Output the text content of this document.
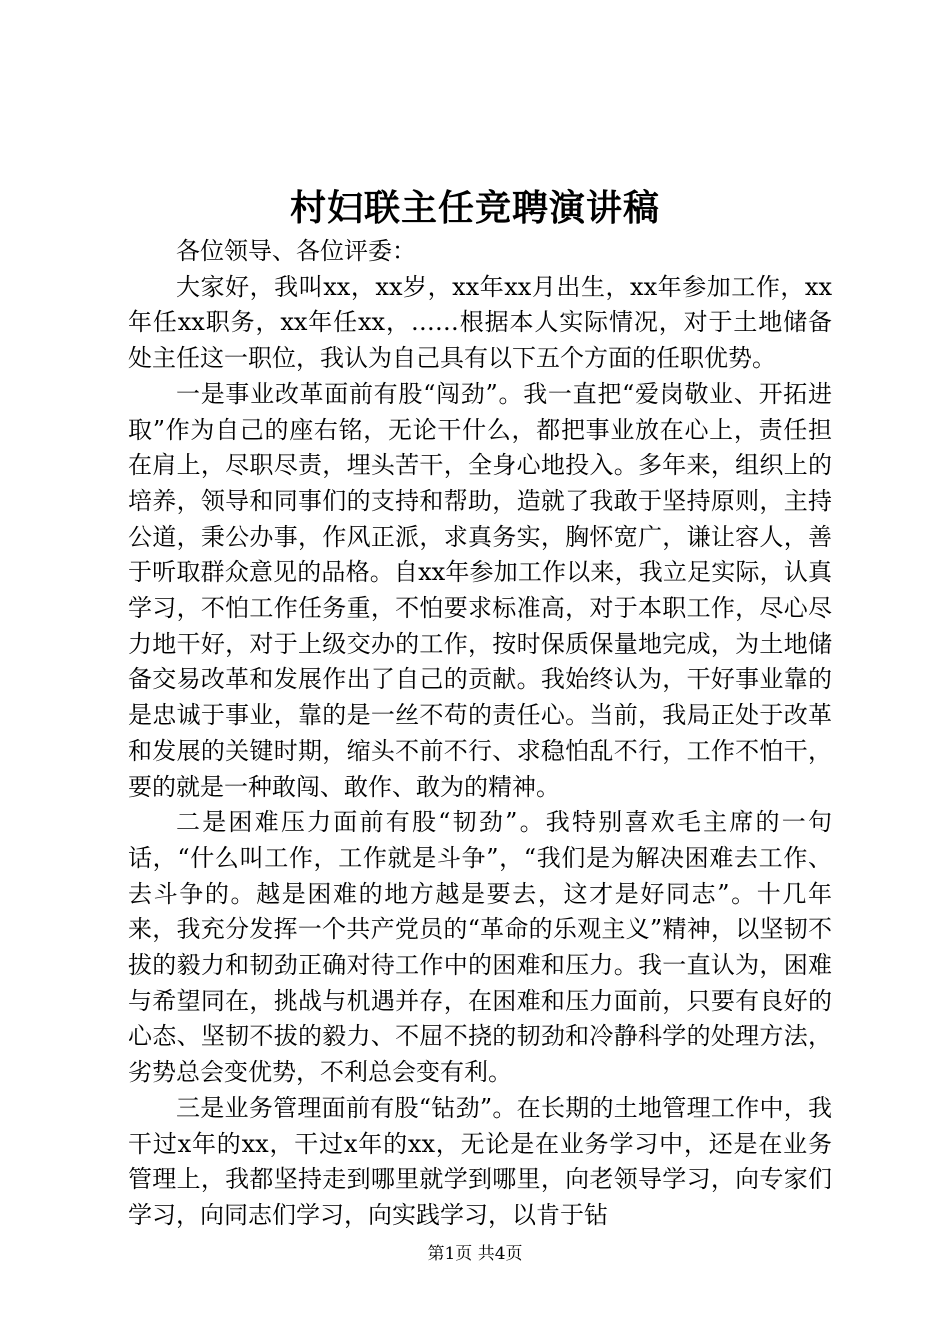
村妇联主任竞聘演讲稿

各位领导、各位评委：

大家好，我叫xx，xx岁，xx年xx月出生，xx年参加工作，xx年任xx职务，xx年任xx，……根据本人实际情况，对于土地储备处主任这一职位，我认为自己具有以下五个方面的任职优势。

一是事业改革面前有股“闯劲”。我一直把“爱岗敬业、开拓进取”作为自己的座右铭，无论干什么，都把事业放在心上，责任担在肩上，尽职尽责，埋头苦干，全身心地投入。多年来，组织上的培养，领导和同事们的支持和帮助，造就了我敢于坚持原则，主持公道，秉公办事，作风正派，求真务实，胸怀宽广，谦让容人，善于听取群众意见的品格。自xx年参加工作以来，我立足实际，认真学习，不怕工作任务重，不怕要求标准高，对于本职工作，尽心尽力地干好，对于上级交办的工作，按时保质保量地完成，为土地储备交易改革和发展作出了自己的贡献。我始终认为，干好事业靠的是忠诚于事业，靠的是一丝不苟的责任心。当前，我局正处于改革和发展的关键时期，缩头不前不行、求稳怕乱不行，工作不怕干，要的就是一种敢闯、敢作、敢为的精神。

二是困难压力面前有股“韧劲”。我特别喜欢毛主席的一句话，“什么叫工作，工作就是斗争”，“我们是为解决困难去工作、去斗争的。越是困难的地方越是要去，这才是好同志”。十几年来，我充分发挥一个共产党员的“革命的乐观主义”精神，以坚韧不拔的毅力和韧劲正确对待工作中的困难和压力。我一直认为，困难与希望同在，挑战与机遇并存，在困难和压力面前，只要有良好的心态、坚韧不拔的毅力、不屈不挠的韧劲和冷静科学的处理方法，劣势总会变优势，不利总会变有利。

三是业务管理面前有股“钻劲”。在长期的土地管理工作中，我干过x年的xx，干过x年的xx，无论是在业务学习中，还是在业务管理上，我都坚持走到哪里就学到哪里，向老领导学习，向专家们学习，向同志们学习，向实践学习，以肯于钻

第1页 共4页
